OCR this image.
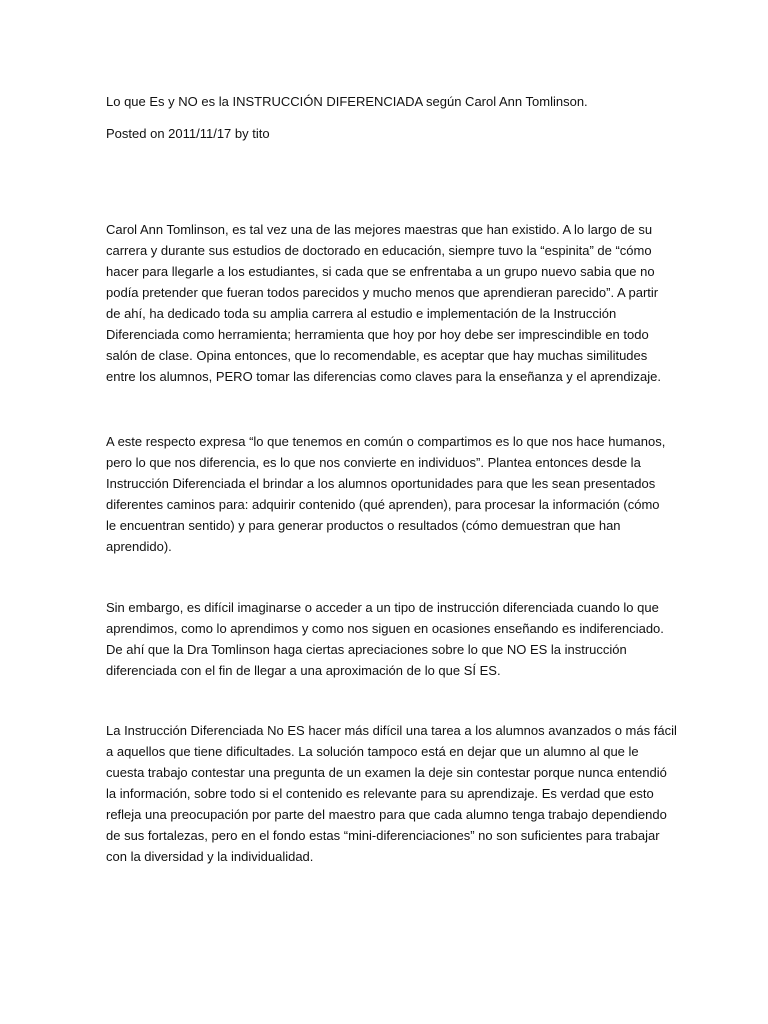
Lo que Es y NO es la INSTRUCCIÓN DIFERENCIADA según Carol Ann Tomlinson.
Posted on 2011/11/17 by tito
Carol Ann Tomlinson, es tal vez una de las mejores maestras que han existido. A lo largo de su
carrera y durante sus estudios de doctorado en educación, siempre tuvo la “espinita” de “cómo
hacer para llegarle a los estudiantes, si cada que se enfrentaba a un grupo nuevo sabia que no
podía pretender que fueran todos parecidos y mucho menos que aprendieran parecido”. A partir
de ahí, ha dedicado toda su amplia carrera al estudio e implementación de la Instrucción
Diferenciada como herramienta; herramienta que hoy por hoy debe ser imprescindible en todo
salón de clase. Opina entonces, que lo recomendable, es aceptar que hay muchas similitudes
entre los alumnos, PERO tomar las diferencias como claves para la enseñanza y el aprendizaje.
A este respecto expresa “lo que tenemos en común o compartimos es lo que nos hace humanos,
pero lo que nos diferencia, es lo que nos convierte en individuos”. Plantea entonces desde la
Instrucción Diferenciada el brindar a los alumnos oportunidades para que les sean presentados
diferentes caminos para: adquirir contenido (qué aprenden), para procesar la información (cómo
le encuentran sentido) y para generar productos o resultados (cómo demuestran que han
aprendido).
Sin embargo, es difícil imaginarse o acceder a un tipo de instrucción diferenciada cuando lo que
aprendimos, como lo aprendimos y como nos siguen en ocasiones enseñando es indiferenciado.
De ahí que la Dra Tomlinson haga ciertas apreciaciones sobre lo que NO ES la instrucción
diferenciada con el fin de llegar a una aproximación de lo que SÍ ES.
La Instrucción Diferenciada No ES hacer más difícil una tarea a los alumnos avanzados o más fácil
a aquellos que tiene dificultades. La solución tampoco está en dejar que un alumno al que le
cuesta trabajo contestar una pregunta de un examen la deje sin contestar porque nunca entendió
la información, sobre todo si el contenido es relevante para su aprendizaje. Es verdad que esto
refleja una preocupación por parte del maestro para que cada alumno tenga trabajo dependiendo
de sus fortalezas, pero en el fondo estas “mini-diferenciaciones” no son suficientes para trabajar
con la diversidad y la individualidad.
